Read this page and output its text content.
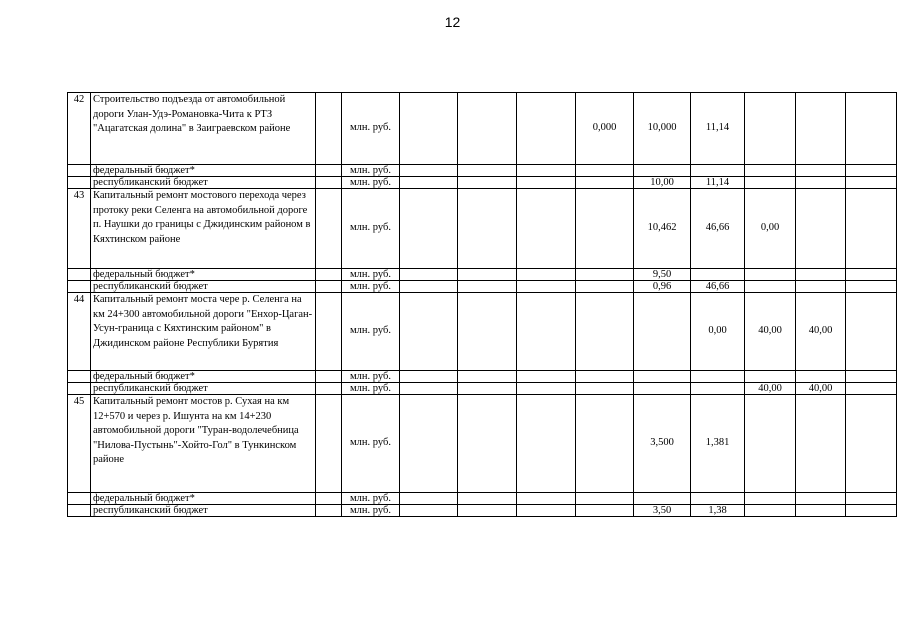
12
42	Строительство подъезда от автомобильной дороги Улан-Удэ-Романовка-Чита к РТЗ "Ацагатская долина" в Заиграевском районе		млн. руб.				0,000	10,000	11,14			
	федеральный бюджет*		млн. руб.									
	республиканский бюджет		млн. руб.					10,00	11,14			
43	Капитальный ремонт мостового перехода через протоку реки Селенга на автомобильной дороге п. Наушки до границы с Джидинским районом в Кяхтинском районе		млн. руб.					10,462	46,66	0,00		
	федеральный бюджет*		млн. руб.					9,50				
	республиканский бюджет		млн. руб.					0,96	46,66			
44	Капитальный ремонт моста чере р. Селенга на км 24+300 автомобильной дороги "Енхор-Цаган-Усун-граница с Кяхтинским районом" в Джидинском районе Республики Бурятия		млн. руб.						0,00	40,00	40,00	
	федеральный бюджет*		млн. руб.									
	республиканский бюджет		млн. руб.							40,00	40,00	
45	Капитальный ремонт мостов р. Сухая на км 12+570 и через р. Ишунта на км 14+230 автомобильной дороги "Туран-водолечебница "Нилова-Пустынь"-Хойто-Гол" в Тункинском районе		млн. руб.					3,500	1,381			
	федеральный бюджет*		млн. руб.									
	республиканский бюджет		млн. руб.					3,50	1,38			
